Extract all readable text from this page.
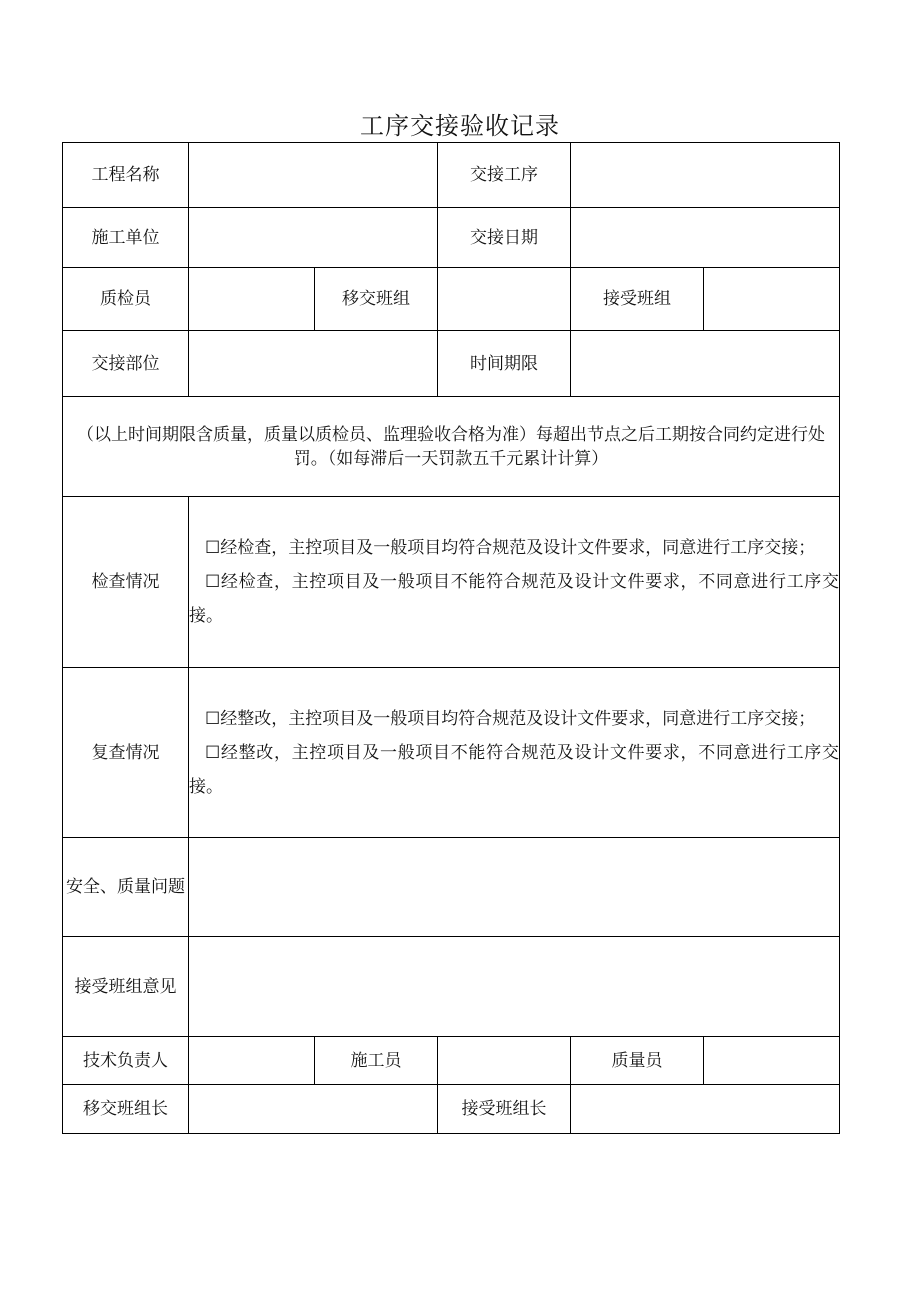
工序交接验收记录
工程名称			交接工序		
施工单位			交接日期		
质检员		移交班组		接受班组	
交接部位			时间期限		
（以上时间期限含质量，质量以质检员、监理验收合格为准）每超出节点之后工期按合同约定进行处罚。（如每滞后一天罚款五千元累计计算）					
检查情况	☐经检查，主控项目及一般项目均符合规范及设计文件要求，同意进行工序交接；

☐经检查，主控项目及一般项目不能符合规范及设计文件要求，不同意进行工序交接。				

复查情况	☐经整改，主控项目及一般项目均符合规范及设计文件要求，同意进行工序交接；

☐经整改，主控项目及一般项目不能符合规范及设计文件要求，不同意进行工序交接。				

安全、质量问题					
接受班组意见					
技术负责人		施工员		质量员	
移交班组长			接受班组长		
